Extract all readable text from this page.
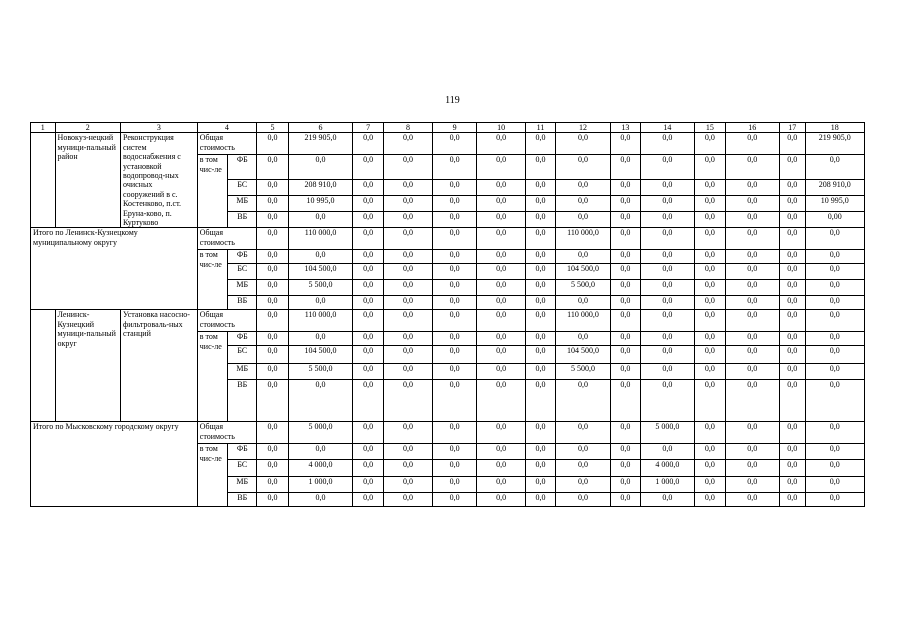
119
1	2	3	4		5	6	7	8	9	10	11	12	13	14	15	16	17	18
	Новокуз-нецкий муници-пальный район	Реконструкция систем водоснабжения с установкой водопровод-ных очисных сооружений в с. Костенково, п.ст. Ерунa-ково, п. Куртуково	Общая стоимость		0,0	219 905,0	0,0	0,0	0,0	0,0	0,0	0,0	0,0	0,0	0,0	0,0	0,0	219 905,0
			в том чис-ле	ФБ	0,0	0,0	0,0	0,0	0,0	0,0	0,0	0,0	0,0	0,0	0,0	0,0	0,0	0,0
				БС	0,0	208 910,0	0,0	0,0	0,0	0,0	0,0	0,0	0,0	0,0	0,0	0,0	0,0	208 910,0
				МБ	0,0	10 995,0	0,0	0,0	0,0	0,0	0,0	0,0	0,0	0,0	0,0	0,0	0,0	10 995,0
				ВБ	0,0	0,0	0,0	0,0	0,0	0,0	0,0	0,0	0,0	0,0	0,0	0,0	0,0	0,00
Итого по Ленинск-Кузнецкому муниципальному округу			Общая стоимость		0,0	110 000,0	0,0	0,0	0,0	0,0	0,0	110 000,0	0,0	0,0	0,0	0,0	0,0	0,0
			в том чис-ле	ФБ	0,0	0,0	0,0	0,0	0,0	0,0	0,0	0,0	0,0	0,0	0,0	0,0	0,0	0,0
				БС	0,0	104 500,0	0,0	0,0	0,0	0,0	0,0	104 500,0	0,0	0,0	0,0	0,0	0,0	0,0
				МБ	0,0	5 500,0	0,0	0,0	0,0	0,0	0,0	5 500,0	0,0	0,0	0,0	0,0	0,0	0,0
				ВБ	0,0	0,0	0,0	0,0	0,0	0,0	0,0	0,0	0,0	0,0	0,0	0,0	0,0	0,0
	Ленинск-Кузнецкий муници-пальный округ	Установка насосно-фильтроваль-ных станций	Общая стоимость		0,0	110 000,0	0,0	0,0	0,0	0,0	0,0	110 000,0	0,0	0,0	0,0	0,0	0,0	0,0
			в том чис-ле	ФБ	0,0	0,0	0,0	0,0	0,0	0,0	0,0	0,0	0,0	0,0	0,0	0,0	0,0	0,0
				БС	0,0	104 500,0	0,0	0,0	0,0	0,0	0,0	104 500,0	0,0	0,0	0,0	0,0	0,0	0,0
				МБ	0,0	5 500,0	0,0	0,0	0,0	0,0	0,0	5 500,0	0,0	0,0	0,0	0,0	0,0	0,0
				ВБ	0,0	0,0	0,0	0,0	0,0	0,0	0,0	0,0	0,0	0,0	0,0	0,0	0,0	0,0
Итого по Мысковскому городскому округу			Общая стоимость		0,0	5 000,0	0,0	0,0	0,0	0,0	0,0	0,0	0,0	5 000,0	0,0	0,0	0,0	0,0
			в том чис-ле	ФБ	0,0	0,0	0,0	0,0	0,0	0,0	0,0	0,0	0,0	0,0	0,0	0,0	0,0	0,0
				БС	0,0	4 000,0	0,0	0,0	0,0	0,0	0,0	0,0	0,0	4 000,0	0,0	0,0	0,0	0,0
				МБ	0,0	1 000,0	0,0	0,0	0,0	0,0	0,0	0,0	0,0	1 000,0	0,0	0,0	0,0	0,0
				ВБ	0,0	0,0	0,0	0,0	0,0	0,0	0,0	0,0	0,0	0,0	0,0	0,0	0,0	0,0
